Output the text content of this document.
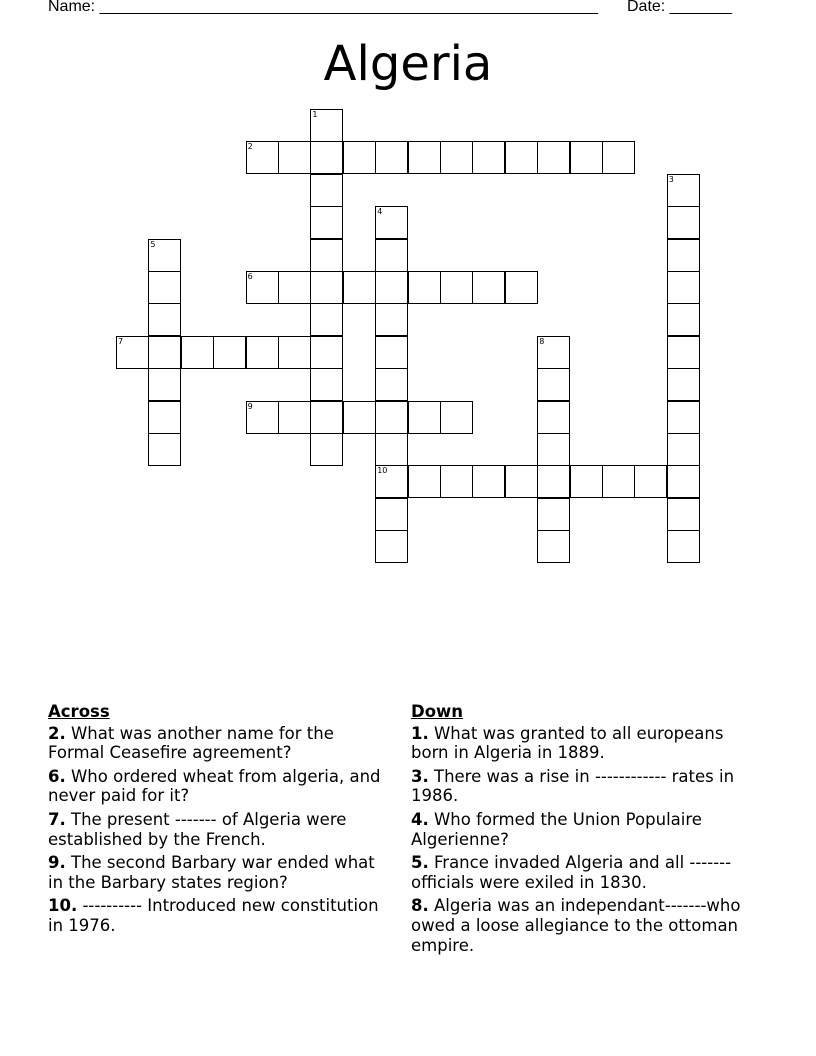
Name: ________________________________________________________ Date: _______
Algeria
1
2
3
4
5
6
7	8
9
10
Across
2. What was another name for the Formal Ceasefire agreement?
6. Who ordered wheat from algeria, and never paid for it?
7. The present ------- of Algeria were established by the French.
9. The second Barbary war ended what in the Barbary states region?
10. ---------- Introduced new constitution in 1976.
Down
1. What was granted to all europeans born in Algeria in 1889.
3. There was a rise in ------------ rates in 1986.
4. Who formed the Union Populaire Algerienne?
5. France invaded Algeria and all ------- officials were exiled in 1830.
8. Algeria was an independant-------who owed a loose allegiance to the ottoman empire.
